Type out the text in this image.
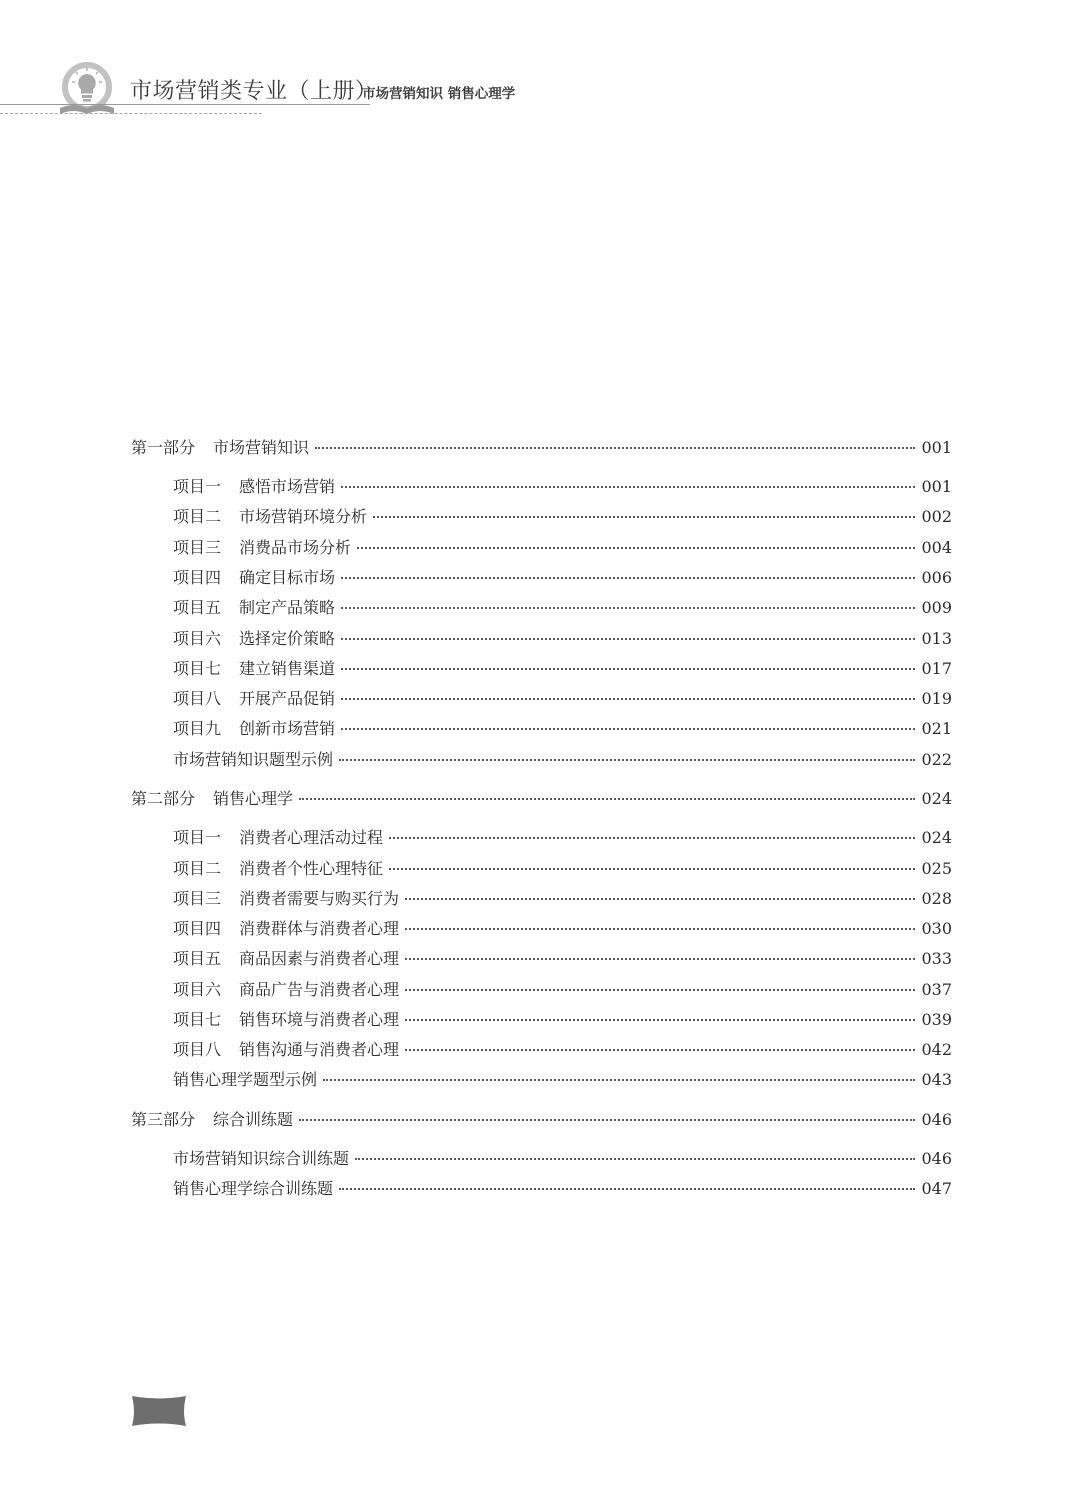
市场营销类专业（上册）
市场营销知识 销售心理学
第一部分 市场营销知识	001
项目一 感悟市场营销	001
项目二 市场营销环境分析	002
项目三 消费品市场分析	004
项目四 确定目标市场	006
项目五 制定产品策略	009
项目六 选择定价策略	013
项目七 建立销售渠道	017
项目八 开展产品促销	019
项目九 创新市场营销	021
市场营销知识题型示例	022
第二部分 销售心理学	024
项目一 消费者心理活动过程	024
项目二 消费者个性心理特征	025
项目三 消费者需要与购买行为	028
项目四 消费群体与消费者心理	030
项目五 商品因素与消费者心理	033
项目六 商品广告与消费者心理	037
项目七 销售环境与消费者心理	039
项目八 销售沟通与消费者心理	042
销售心理学题型示例	043
第三部分 综合训练题	046
市场营销知识综合训练题	046
销售心理学综合训练题	047
